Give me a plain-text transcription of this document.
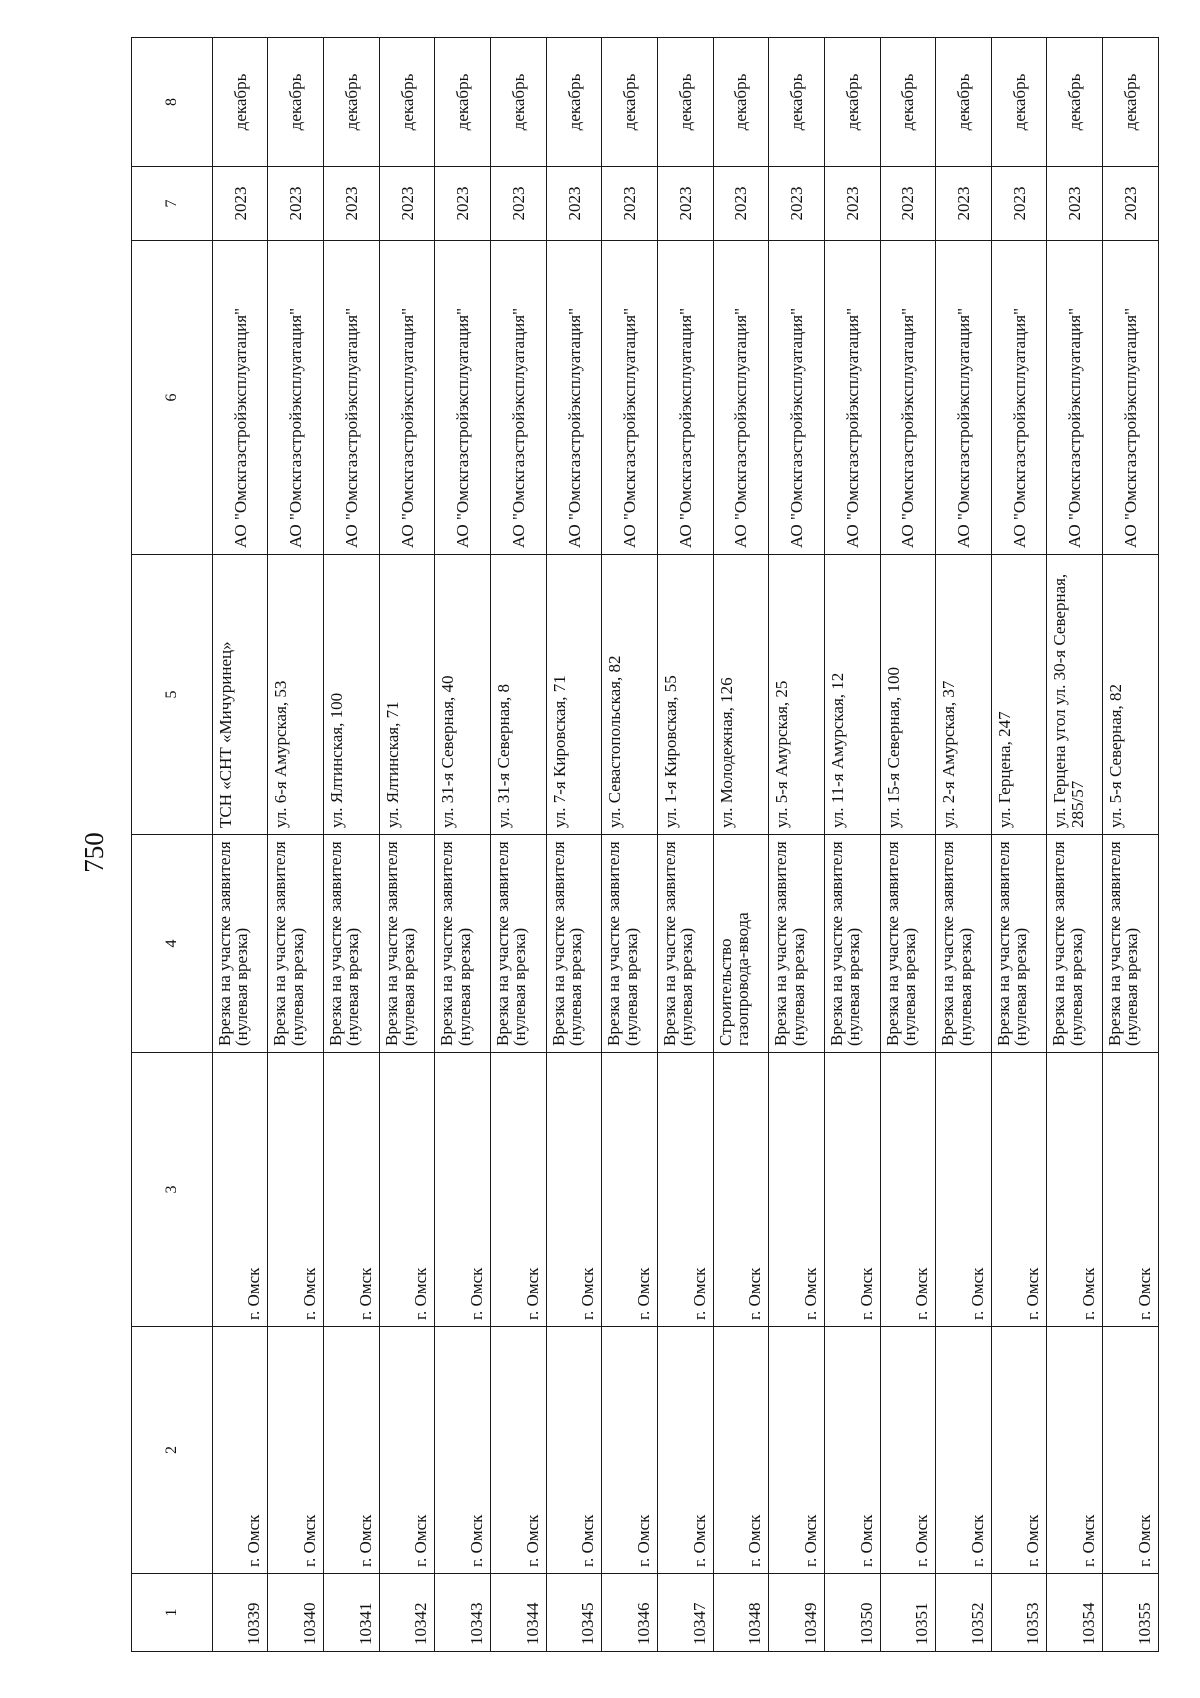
750
1	2	3	4	5	6	7	8
10339	г. Омск	г. Омск	Врезка на участке заявителя (нулевая врезка)	ТСН «СНТ «Мичуринец»	АО "Омскгазстройэксплуатация"	2023	декабрь
10340	г. Омск	г. Омск	Врезка на участке заявителя (нулевая врезка)	ул. 6-я Амурская, 53	АО "Омскгазстройэксплуатация"	2023	декабрь
10341	г. Омск	г. Омск	Врезка на участке заявителя (нулевая врезка)	ул. Ялтинская, 100	АО "Омскгазстройэксплуатация"	2023	декабрь
10342	г. Омск	г. Омск	Врезка на участке заявителя (нулевая врезка)	ул. Ялтинская, 71	АО "Омскгазстройэксплуатация"	2023	декабрь
10343	г. Омск	г. Омск	Врезка на участке заявителя (нулевая врезка)	ул. 31-я Северная, 40	АО "Омскгазстройэксплуатация"	2023	декабрь
10344	г. Омск	г. Омск	Врезка на участке заявителя (нулевая врезка)	ул. 31-я Северная, 8	АО "Омскгазстройэксплуатация"	2023	декабрь
10345	г. Омск	г. Омск	Врезка на участке заявителя (нулевая врезка)	ул. 7-я Кировская, 71	АО "Омскгазстройэксплуатация"	2023	декабрь
10346	г. Омск	г. Омск	Врезка на участке заявителя (нулевая врезка)	ул. Севастопольская, 82	АО "Омскгазстройэксплуатация"	2023	декабрь
10347	г. Омск	г. Омск	Врезка на участке заявителя (нулевая врезка)	ул. 1-я Кировская, 55	АО "Омскгазстройэксплуатация"	2023	декабрь
10348	г. Омск	г. Омск	Строительство газопровода-ввода	ул. Молодежная, 126	АО "Омскгазстройэксплуатация"	2023	декабрь
10349	г. Омск	г. Омск	Врезка на участке заявителя (нулевая врезка)	ул. 5-я Амурская, 25	АО "Омскгазстройэксплуатация"	2023	декабрь
10350	г. Омск	г. Омск	Врезка на участке заявителя (нулевая врезка)	ул. 11-я Амурская, 12	АО "Омскгазстройэксплуатация"	2023	декабрь
10351	г. Омск	г. Омск	Врезка на участке заявителя (нулевая врезка)	ул. 15-я Северная, 100	АО "Омскгазстройэксплуатация"	2023	декабрь
10352	г. Омск	г. Омск	Врезка на участке заявителя (нулевая врезка)	ул. 2-я Амурская, 37	АО "Омскгазстройэксплуатация"	2023	декабрь
10353	г. Омск	г. Омск	Врезка на участке заявителя (нулевая врезка)	ул. Герцена, 247	АО "Омскгазстройэксплуатация"	2023	декабрь
10354	г. Омск	г. Омск	Врезка на участке заявителя (нулевая врезка)	ул. Герцена угол ул. 30-я Северная, 285/57	АО "Омскгазстройэксплуатация"	2023	декабрь
10355	г. Омск	г. Омск	Врезка на участке заявителя (нулевая врезка)	ул. 5-я Северная, 82	АО "Омскгазстройэксплуатация"	2023	декабрь
